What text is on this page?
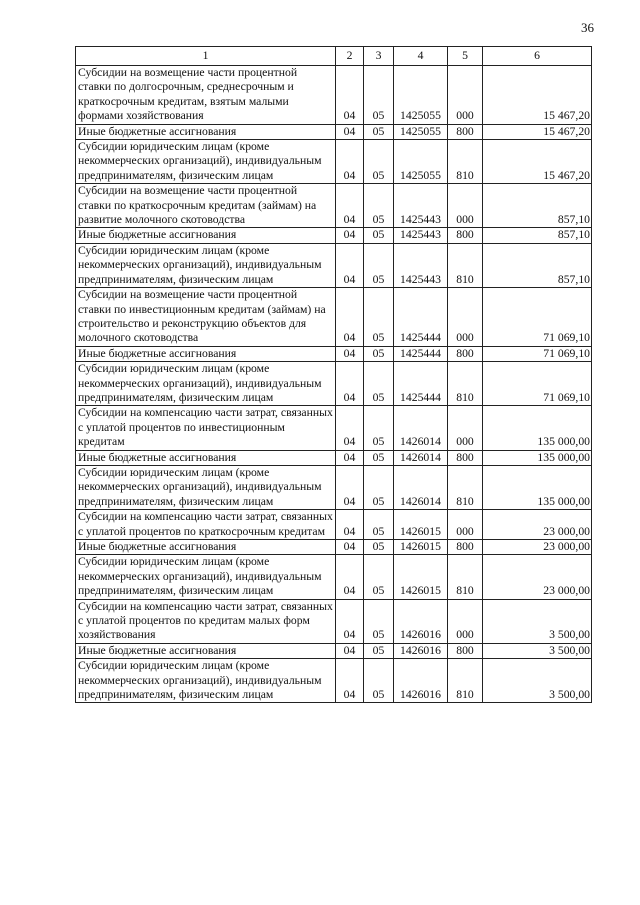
36
1	2	3	4	5	6
Субсидии на возмещение части процентной ставки по долгосрочным, среднесрочным и краткосрочным кредитам, взятым малыми формами хозяйствования	04	05	1425055	000	15 467,20
Иные бюджетные ассигнования	04	05	1425055	800	15 467,20
Субсидии юридическим лицам (кроме некоммерческих организаций), индивидуальным предпринимателям, физическим лицам	04	05	1425055	810	15 467,20
Субсидии на возмещение части процентной ставки по краткосрочным кредитам (займам) на развитие молочного скотоводства	04	05	1425443	000	857,10
Иные бюджетные ассигнования	04	05	1425443	800	857,10
Субсидии юридическим лицам (кроме некоммерческих организаций), индивидуальным предпринимателям, физическим лицам	04	05	1425443	810	857,10
Субсидии на возмещение части процентной ставки по инвестиционным кредитам (займам) на строительство и реконструкцию объектов для молочного скотоводства	04	05	1425444	000	71 069,10
Иные бюджетные ассигнования	04	05	1425444	800	71 069,10
Субсидии юридическим лицам (кроме некоммерческих организаций), индивидуальным предпринимателям, физическим лицам	04	05	1425444	810	71 069,10
Субсидии на компенсацию части затрат, связанных с уплатой процентов по инвестиционным кредитам	04	05	1426014	000	135 000,00
Иные бюджетные ассигнования	04	05	1426014	800	135 000,00
Субсидии юридическим лицам (кроме некоммерческих организаций), индивидуальным предпринимателям, физическим лицам	04	05	1426014	810	135 000,00
Субсидии на компенсацию части затрат, связанных с уплатой процентов по краткосрочным кредитам	04	05	1426015	000	23 000,00
Иные бюджетные ассигнования	04	05	1426015	800	23 000,00
Субсидии юридическим лицам (кроме некоммерческих организаций), индивидуальным предпринимателям, физическим лицам	04	05	1426015	810	23 000,00
Субсидии на компенсацию части затрат, связанных с уплатой процентов по кредитам малых форм хозяйствования	04	05	1426016	000	3 500,00
Иные бюджетные ассигнования	04	05	1426016	800	3 500,00
Субсидии юридическим лицам (кроме некоммерческих организаций), индивидуальным предпринимателям, физическим лицам	04	05	1426016	810	3 500,00
